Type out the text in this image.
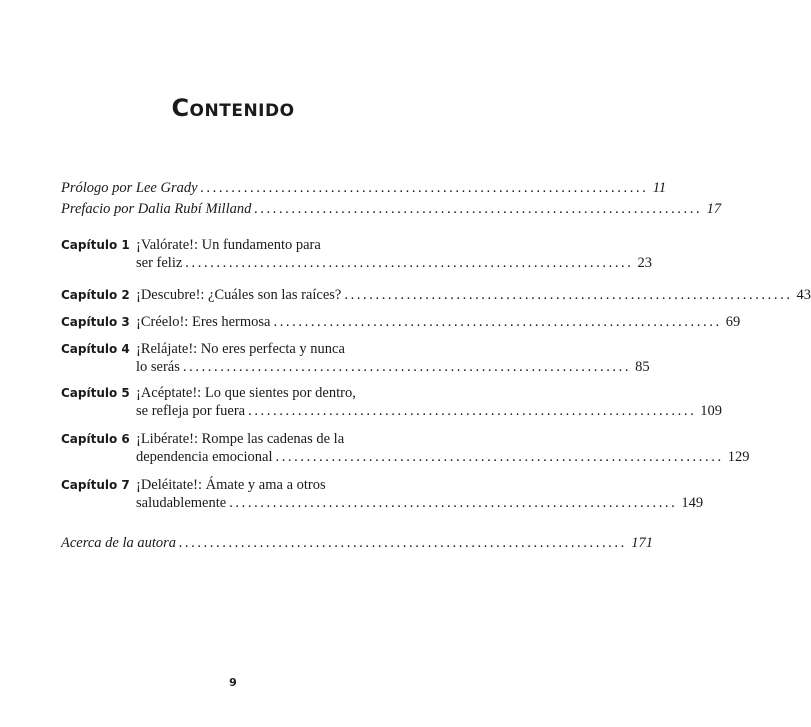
Contenido
Prólogo por Lee Grady ........................................................................ 11
Prefacio por Dalia Rubí Milland ........................................................................ 17
Capítulo 1 ¡Valórate!: Un fundamento para
ser feliz ........................................................................ 23
Capítulo 2 ¡Descubre!: ¿Cuáles son las raíces? ........................................................................ 43
Capítulo 3 ¡Créelo!: Eres hermosa ........................................................................ 69
Capítulo 4 ¡Relájate!: No eres perfecta y nunca
lo serás ........................................................................ 85
Capítulo 5 ¡Acéptate!: Lo que sientes por dentro,
se refleja por fuera ........................................................................ 109
Capítulo 6 ¡Libérate!: Rompe las cadenas de la
dependencia emocional ........................................................................ 129
Capítulo 7 ¡Deléitate!: Ámate y ama a otros
saludablemente ........................................................................ 149
Acerca de la autora ........................................................................ 171
9
